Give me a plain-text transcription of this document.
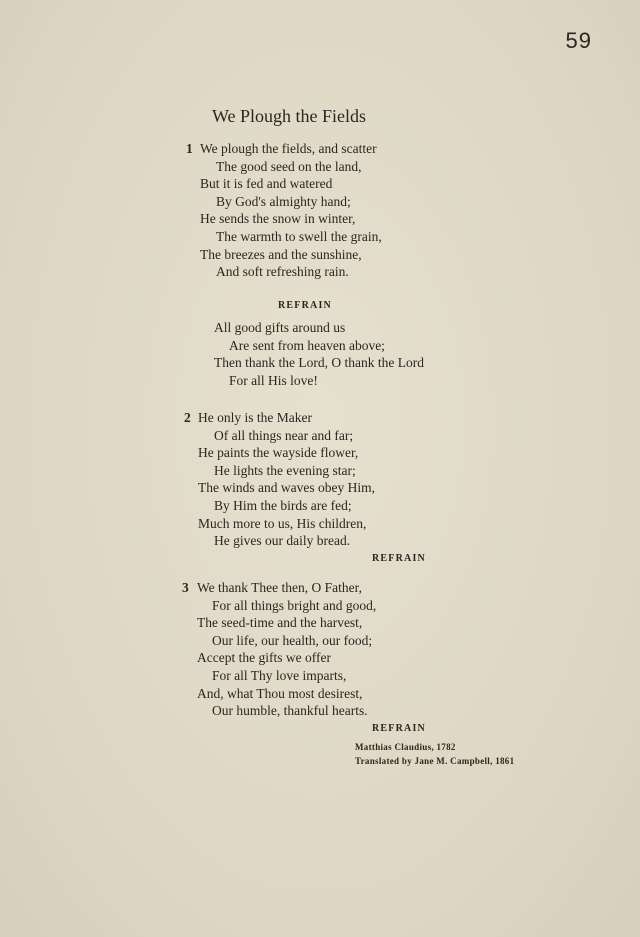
59
We Plough the Fields
1 We plough the fields, and scatter
The good seed on the land,
But it is fed and watered
By God's almighty hand;
He sends the snow in winter,
The warmth to swell the grain,
The breezes and the sunshine,
And soft refreshing rain.
REFRAIN
All good gifts around us
Are sent from heaven above;
Then thank the Lord, O thank the Lord
For all His love!
2 He only is the Maker
Of all things near and far;
He paints the wayside flower,
He lights the evening star;
The winds and waves obey Him,
By Him the birds are fed;
Much more to us, His children,
He gives our daily bread.
REFRAIN
3 We thank Thee then, O Father,
For all things bright and good,
The seed-time and the harvest,
Our life, our health, our food;
Accept the gifts we offer
For all Thy love imparts,
And, what Thou most desirest,
Our humble, thankful hearts.
REFRAIN
Matthias Claudius, 1782
Translated by Jane M. Campbell, 1861
